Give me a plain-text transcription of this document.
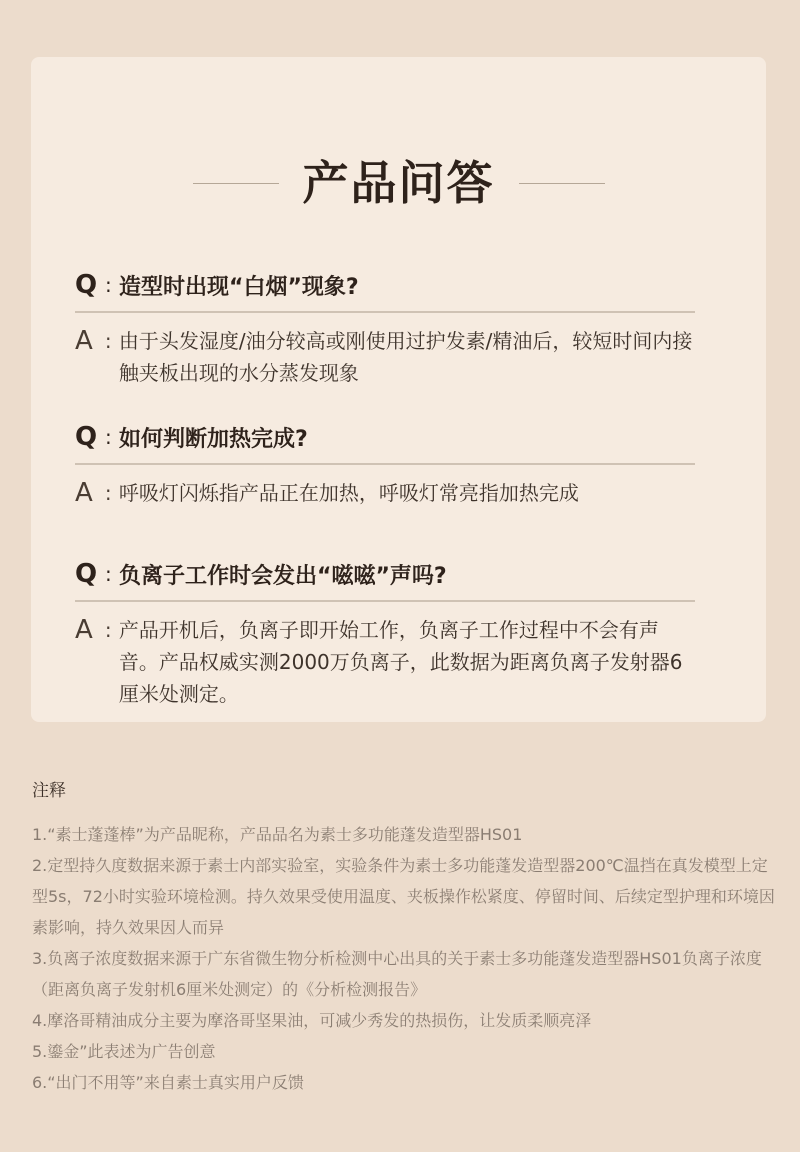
产品问答
Q : 造型时出现“白烟”现象?
A : 由于头发湿度/油分较高或刚使用过护发素/精油后，较短时间内接触夹板出现的水分蒸发现象
Q : 如何判断加热完成?
A : 呼吸灯闪烁指产品正在加热，呼吸灯常亮指加热完成
Q : 负离子工作时会发出“嗞嗞”声吗?
A : 产品开机后，负离子即开始工作，负离子工作过程中不会有声音。产品权威实测2000万负离子，此数据为距离负离子发射器6厘米处测定。
注释
1.“素士蓬蓬棒”为产品昵称，产品品名为素士多功能蓬发造型器HS01
2.定型持久度数据来源于素士内部实验室，实验条件为素士多功能蓬发造型器200℃温挡在真发模型上定型5s，72小时实验环境检测。持久效果受使用温度、夹板操作松紧度、停留时间、后续定型护理和环境因素影响，持久效果因人而异
3.负离子浓度数据来源于广东省微生物分析检测中心出具的关于素士多功能蓬发造型器HS01负离子浓度（距离负离子发射机6厘米处测定）的《分析检测报告》
4.摩洛哥精油成分主要为摩洛哥坚果油，可减少秀发的热损伤，让发质柔顺亮泽
5.鎏金”此表述为广告创意
6.“出门不用等”来自素士真实用户反馈
